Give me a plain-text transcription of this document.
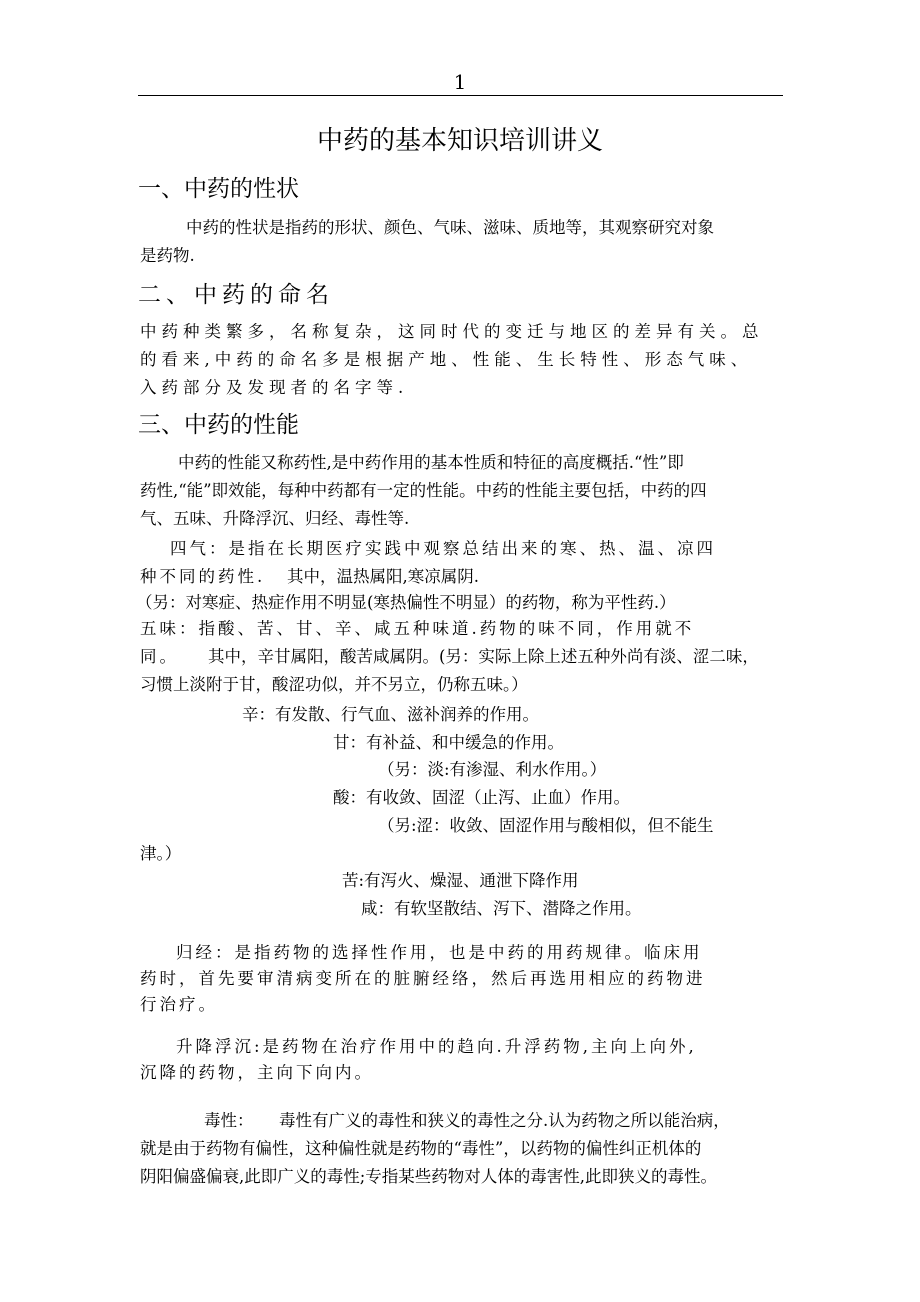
1
中药的基本知识培训讲义
一、中药的性状
中药的性状是指药的形状、颜色、气味、滋味、质地等，其观察研究对象
是药物.
二、中药的命名
中药种类繁多，名称复杂，这同时代的变迁与地区的差异有关。总
的看来,中药的命名多是根据产地、性能、生长特性、形态气味、
入药部分及发现者的名字等.
三、中药的性能
中药的性能又称药性,是中药作用的基本性质和特征的高度概括.“性”即
药性,“能”即效能，每种中药都有一定的性能。中药的性能主要包括，中药的四
气、五味、升降浮沉、归经、毒性等.
四气：是指在长期医疗实践中观察总结出来的寒、热、温、凉四
种不同的药性. 其中，温热属阳,寒凉属阴.
（另：对寒症、热症作用不明显(寒热偏性不明显）的药物，称为平性药.）
五味：指酸、苦、甘、辛、咸五种味道.药物的味不同，作用就不
同。 其中，辛甘属阳，酸苦咸属阴。(另：实际上除上述五种外尚有淡、涩二味，
习惯上淡附于甘，酸涩功似，并不另立，仍称五味。）
辛：有发散、行气血、滋补润养的作用。
甘：有补益、和中缓急的作用。
（另：淡:有渗湿、利水作用。）
酸：有收敛、固涩（止泻、止血）作用。
（另:涩：收敛、固涩作用与酸相似，但不能生
津。）
苦:有泻火、燥湿、通泄下降作用
咸：有软坚散结、泻下、潜降之作用。
归经：是指药物的选择性作用，也是中药的用药规律。临床用
药时，首先要审清病变所在的脏腑经络，然后再选用相应的药物进
行治疗。
升降浮沉:是药物在治疗作用中的趋向.升浮药物,主向上向外,
沉降的药物，主向下向内。
毒性： 毒性有广义的毒性和狭义的毒性之分.认为药物之所以能治病，
就是由于药物有偏性，这种偏性就是药物的“毒性”，以药物的偏性纠正机体的
阴阳偏盛偏衰,此即广义的毒性;专指某些药物对人体的毒害性,此即狭义的毒性。
